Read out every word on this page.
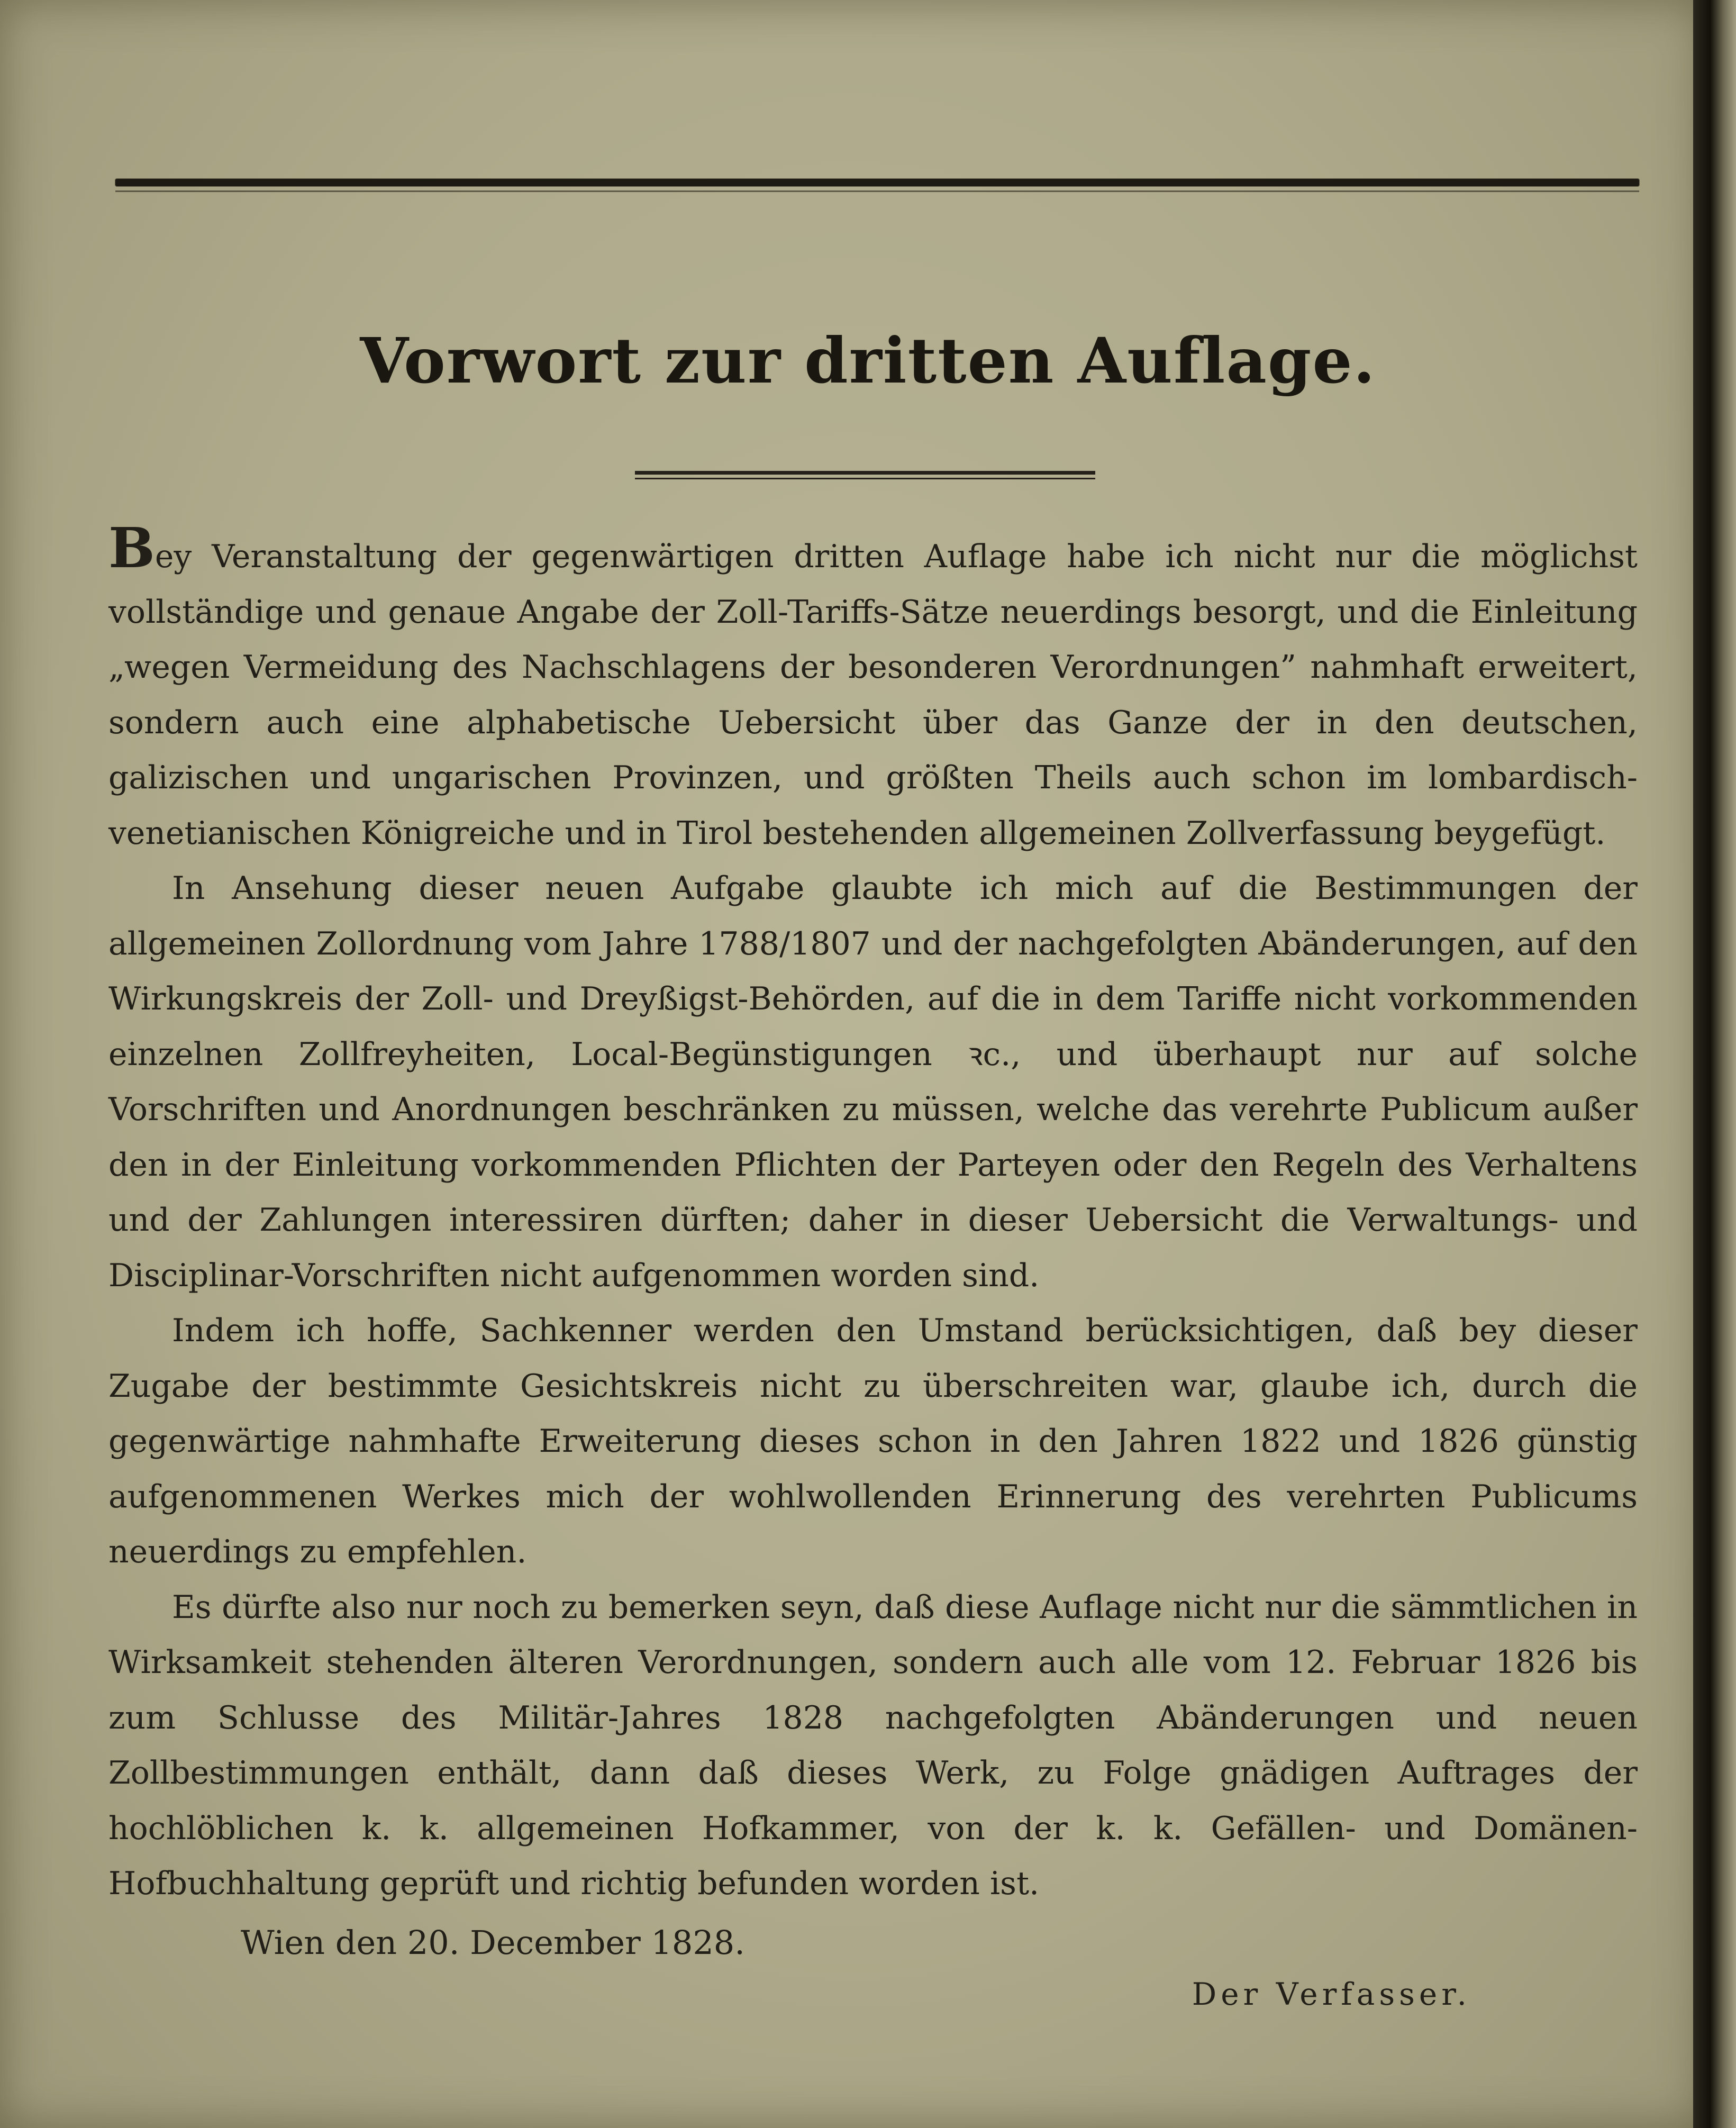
Vorwort zur dritten Auflage.

Bey Veranstaltung der gegenwärtigen dritten Auflage habe ich nicht nur die möglichst vollständige und genaue Angabe der Zoll-Tariffs-Sätze neuerdings besorgt, und die Einleitung „wegen Vermeidung des Nachschlagens der besonderen Verordnungen” nahmhaft erweitert, sondern auch eine alphabetische Uebersicht über das Ganze der in den deutschen, galizischen und ungarischen Provinzen, und größten Theils auch schon im lombardisch-venetianischen Königreiche und in Tirol bestehenden allgemeinen Zollverfassung beygefügt.

In Ansehung dieser neuen Aufgabe glaubte ich mich auf die Bestimmungen der allgemeinen Zollordnung vom Jahre 1788/1807 und der nachgefolgten Abänderungen, auf den Wirkungskreis der Zoll- und Dreyßigst-Behörden, auf die in dem Tariffe nicht vorkommenden einzelnen Zollfreyheiten, Local-Begünstigungen ꝛc., und überhaupt nur auf solche Vorschriften und Anordnungen beschränken zu müssen, welche das verehrte Publicum außer den in der Einleitung vorkommenden Pflichten der Parteyen oder den Regeln des Verhaltens und der Zahlungen interessiren dürften; daher in dieser Uebersicht die Verwaltungs- und Disciplinar-Vorschriften nicht aufgenommen worden sind.

Indem ich hoffe, Sachkenner werden den Umstand berücksichtigen, daß bey dieser Zugabe der bestimmte Gesichtskreis nicht zu überschreiten war, glaube ich, durch die gegenwärtige nahmhafte Erweiterung dieses schon in den Jahren 1822 und 1826 günstig aufgenommenen Werkes mich der wohlwollenden Erinnerung des verehrten Publicums neuerdings zu empfehlen.

Es dürfte also nur noch zu bemerken seyn, daß diese Auflage nicht nur die sämmtlichen in Wirksamkeit stehenden älteren Verordnungen, sondern auch alle vom 12. Februar 1826 bis zum Schlusse des Militär-Jahres 1828 nachgefolgten Abänderungen und neuen Zollbestimmungen enthält, dann daß dieses Werk, zu Folge gnädigen Auftrages der hochlöblichen k. k. allgemeinen Hofkammer, von der k. k. Gefällen- und Domänen-Hofbuchhaltung geprüft und richtig befunden worden ist.

Wien den 20. December 1828.
Der Verfasser.
